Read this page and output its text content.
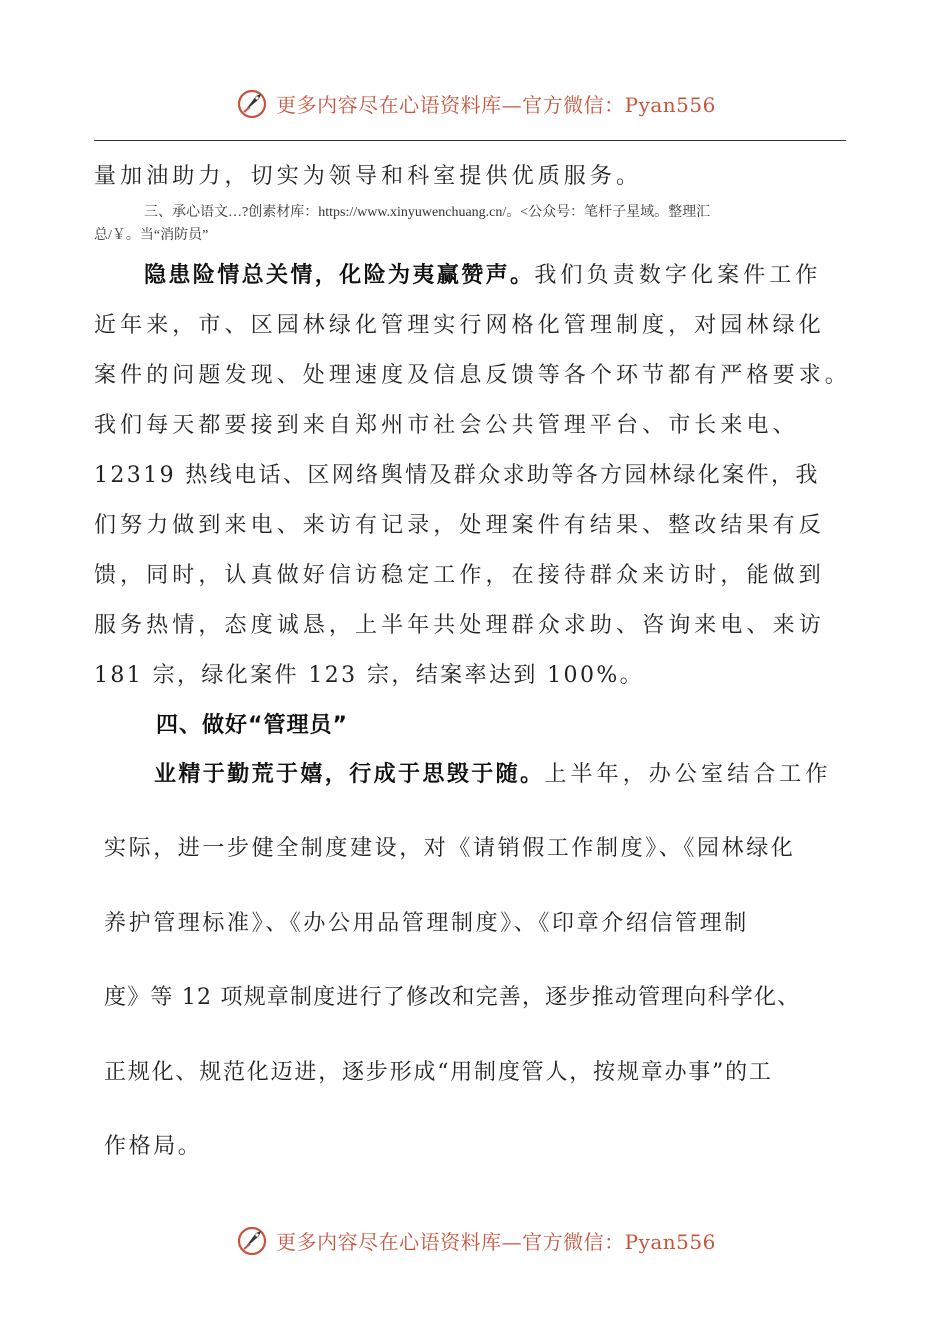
更多内容尽在心语资料库—官方微信：Pyan556
量加油助力，切实为领导和科室提供优质服务。
三、承心语文…?创素材库：https://www.xinyuwenchuang.cn/。<公众号：笔杆子星域。整理汇
总/￥。当“消防员”
隐患险情总关情，化险为夷赢赞声。我们负责数字化案件工作
近年来，市、区园林绿化管理实行网格化管理制度，对园林绿化
案件的问题发现、处理速度及信息反馈等各个环节都有严格要求。
我们每天都要接到来自郑州市社会公共管理平台、市长来电、
12319 热线电话、区网络舆情及群众求助等各方园林绿化案件，我
们努力做到来电、来访有记录，处理案件有结果、整改结果有反
馈，同时，认真做好信访稳定工作，在接待群众来访时，能做到
服务热情，态度诚恳，上半年共处理群众求助、咨询来电、来访
181 宗，绿化案件 123 宗，结案率达到 100%。
四、做好“管理员”
业精于勤荒于嬉，行成于思毁于随。上半年，办公室结合工作
实际，进一步健全制度建设，对《请销假工作制度》、《园林绿化
养护管理标准》、《办公用品管理制度》、《印章介绍信管理制
度》等 12 项规章制度进行了修改和完善，逐步推动管理向科学化、
正规化、规范化迈进，逐步形成“用制度管人，按规章办事”的工
作格局。
更多内容尽在心语资料库—官方微信：Pyan556
